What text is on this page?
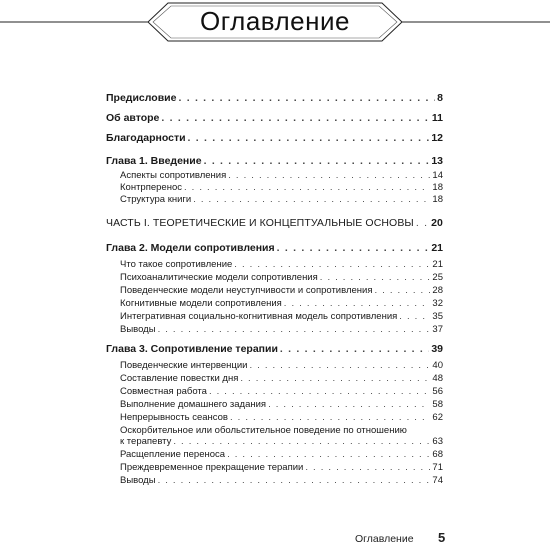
Оглавление
Предисловие . . .	8
Об авторе . . .	11
Благодарности . . .	12
Глава 1. Введение . . .	13
Аспекты сопротивления . . .	14
Контрперенос . . .	18
Структура книги . . .	18
ЧАСТЬ I. ТЕОРЕТИЧЕСКИЕ И КОНЦЕПТУАЛЬНЫЕ ОСНОВЫ . . . 20
Глава 2. Модели сопротивления . . .	21
Что такое сопротивление . . .	21
Психоаналитические модели сопротивления . . .	25
Поведенческие модели неуступчивости и сопротивления . . .	28
Когнитивные модели сопротивления . . .	32
Интегративная социально-когнитивная модель сопротивления . . .	35
Выводы . . .	37
Глава 3. Сопротивление терапии . . .	39
Поведенческие интервенции . . .	40
Составление повестки дня . . .	48
Совместная работа . . .	56
Выполнение домашнего задания . . .	58
Непрерывность сеансов . . .	62
Оскорбительное или обольстительное поведение по отношению
к терапевту . . .	63
Расщепление переноса . . .	68
Преждевременное прекращение терапии . . .	71
Выводы . . .	74
Оглавление 5
